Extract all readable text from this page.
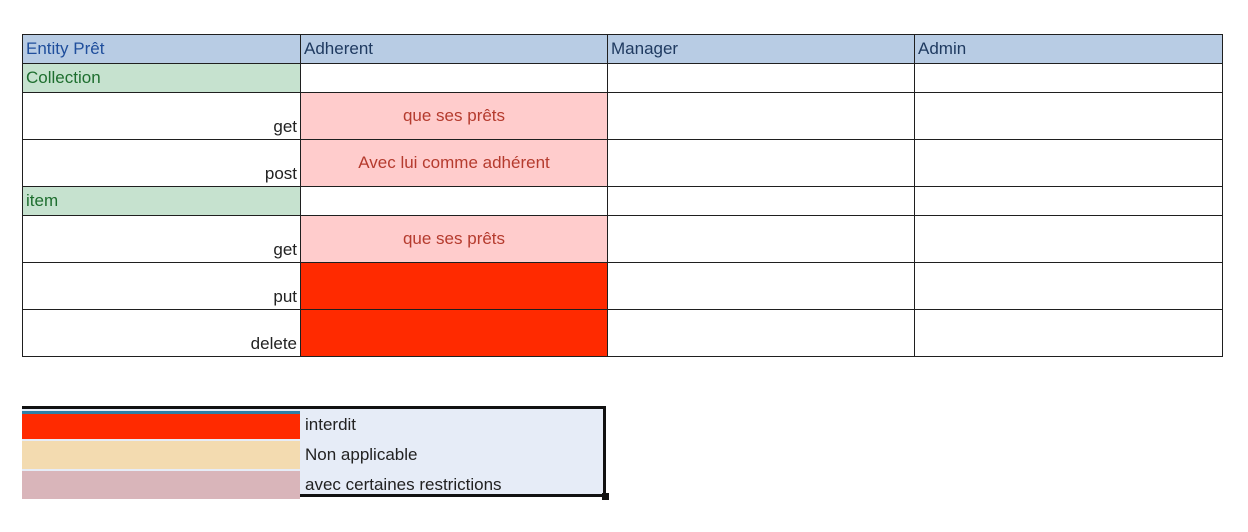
Entity Prêt	Adherent	Manager	Admin
Collection			
get	que ses prêts		
post	Avec lui comme adhérent		
item			
get	que ses prêts		
put			
delete			
interdit
Non applicable
avec certaines restrictions
